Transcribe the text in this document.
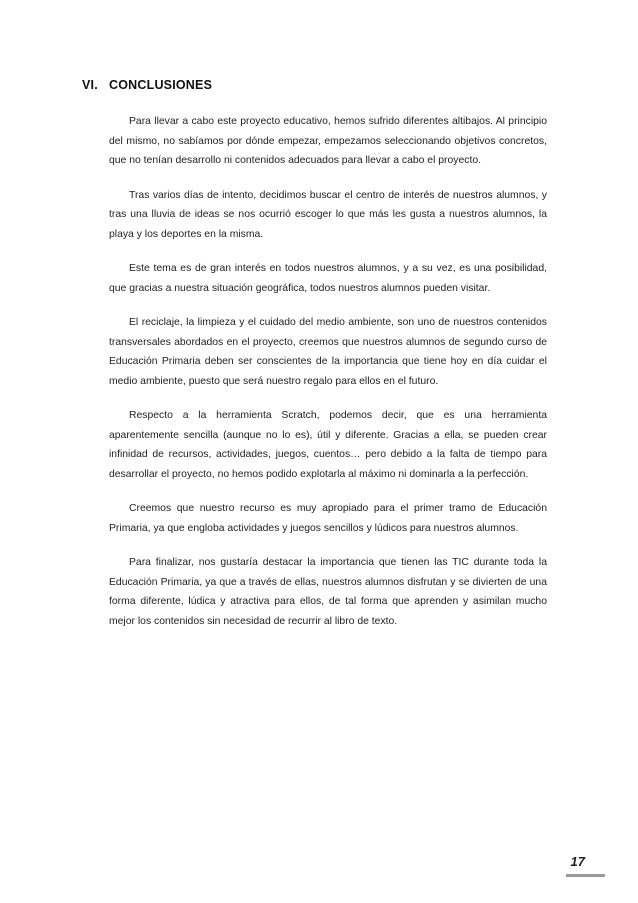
VI. CONCLUSIONES

Para llevar a cabo este proyecto educativo, hemos sufrido diferentes altibajos. Al principio del mismo, no sabíamos por dónde empezar, empezamos seleccionando objetivos concretos, que no tenían desarrollo ni contenidos adecuados para llevar a cabo el proyecto.

Tras varios días de intento, decidimos buscar el centro de interés de nuestros alumnos, y tras una lluvia de ideas se nos ocurrió escoger lo que más les gusta a nuestros alumnos, la playa y los deportes en la misma.

Este tema es de gran interés en todos nuestros alumnos, y a su vez, es una posibilidad, que gracias a nuestra situación geográfica, todos nuestros alumnos pueden visitar.

El reciclaje, la limpieza y el cuidado del medio ambiente, son uno de nuestros contenidos transversales abordados en el proyecto, creemos que nuestros alumnos de segundo curso de Educación Primaria deben ser conscientes de la importancia que tiene hoy en día cuidar el medio ambiente, puesto que será nuestro regalo para ellos en el futuro.

Respecto a la herramienta Scratch, podemos decir, que es una herramienta aparentemente sencilla (aunque no lo es), útil y diferente. Gracias a ella, se pueden crear infinidad de recursos, actividades, juegos, cuentos… pero debido a la falta de tiempo para desarrollar el proyecto, no hemos podido explotarla al máximo ni dominarla a la perfección.

Creemos que nuestro recurso es muy apropiado para el primer tramo de Educación Primaria, ya que engloba actividades y juegos sencillos y lúdicos para nuestros alumnos.

Para finalizar, nos gustaría destacar la importancia que tienen las TIC durante toda la Educación Primaria, ya que a través de ellas, nuestros alumnos disfrutan y se divierten de una forma diferente, lúdica y atractiva para ellos, de tal forma que aprenden y asimilan mucho mejor los contenidos sin necesidad de recurrir al libro de texto.

17
